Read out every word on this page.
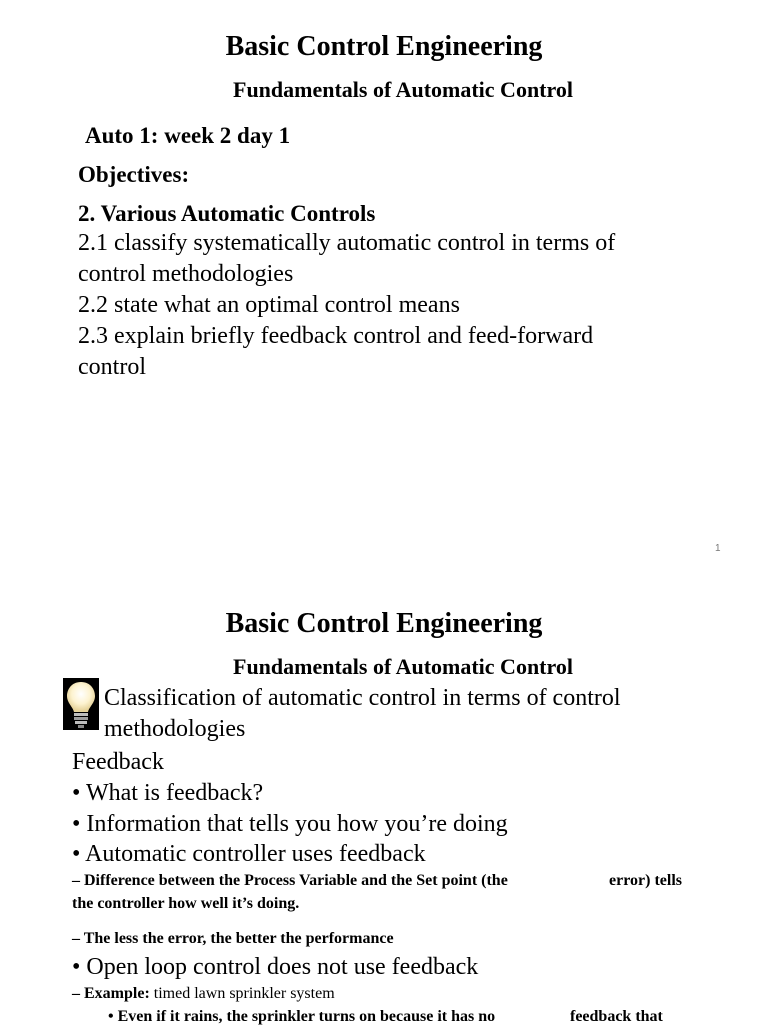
Basic Control Engineering
Fundamentals of Automatic Control
Auto 1: week 2 day 1
Objectives:
2. Various Automatic Controls
2.1 classify systematically automatic control in terms of
control methodologies
2.2 state what an optimal control means
2.3 explain briefly feedback control and feed-forward
control
1
Basic Control Engineering
Fundamentals of Automatic Control
Classification of automatic control in terms of control
methodologies
Feedback
• What is feedback?
• Information that tells you how you’re doing
• Automatic controller uses feedback
– Difference between the Process Variable and the Set point (the	error) tells
the controller how well it’s doing.
– The less the error, the better the performance
• Open loop control does not use feedback
– Example: timed lawn sprinkler system
• Even if it rains, the sprinkler turns on because it has no	feedback that
